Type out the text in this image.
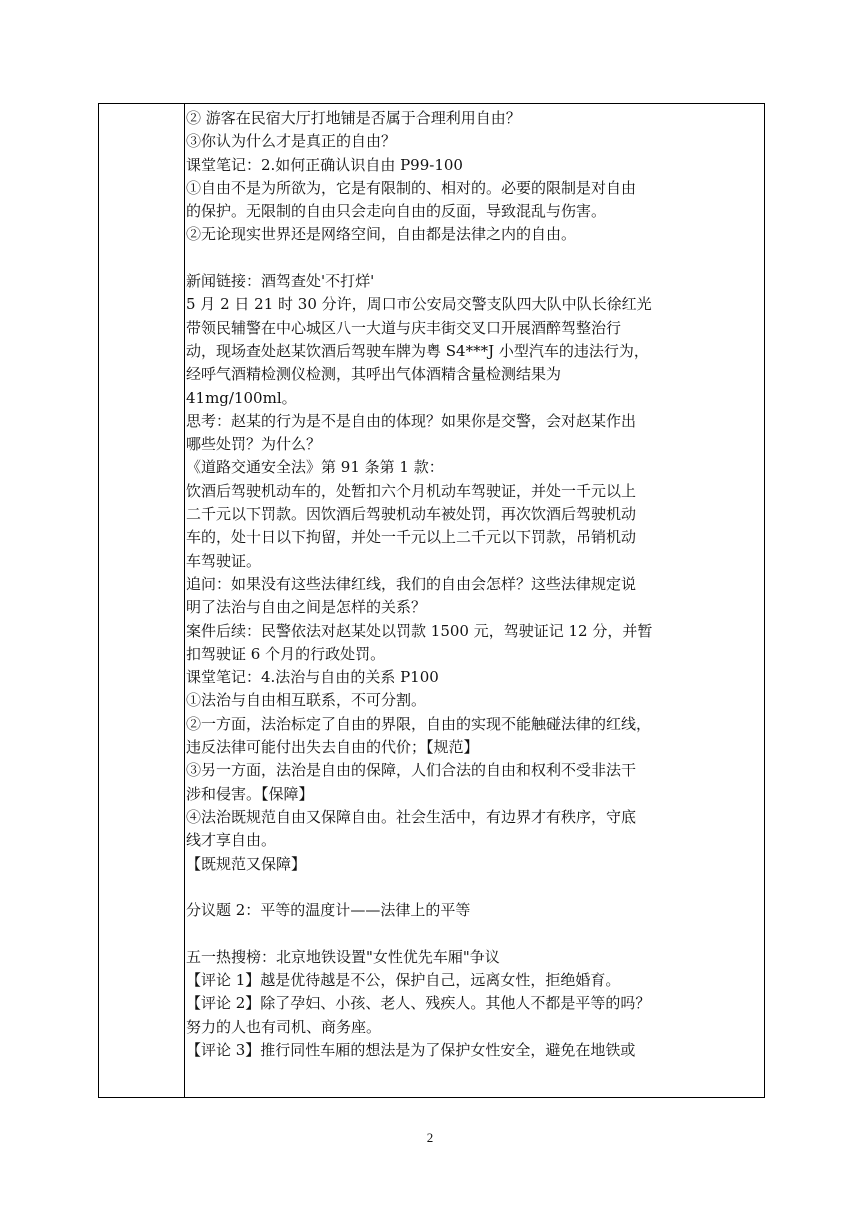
② 游客在民宿大厅打地铺是否属于合理利用自由？
③你认为什么才是真正的自由？
课堂笔记：2.如何正确认识自由 P99-100
①自由不是为所欲为，它是有限制的、相对的。必要的限制是对自由
的保护。无限制的自由只会走向自由的反面，导致混乱与伤害。
②无论现实世界还是网络空间，自由都是法律之内的自由。
新闻链接：酒驾查处'不打烊'
5 月 2 日 21 时 30 分许，周口市公安局交警支队四大队中队长徐红光
带领民辅警在中心城区八一大道与庆丰街交叉口开展酒醉驾整治行
动，现场查处赵某饮酒后驾驶车牌为粤 S4***J 小型汽车的违法行为，
经呼气酒精检测仪检测，其呼出气体酒精含量检测结果为
41mg/100ml。
思考：赵某的行为是不是自由的体现？如果你是交警，会对赵某作出
哪些处罚？为什么？
《道路交通安全法》第 91 条第 1 款：
饮酒后驾驶机动车的，处暂扣六个月机动车驾驶证，并处一千元以上
二千元以下罚款。因饮酒后驾驶机动车被处罚，再次饮酒后驾驶机动
车的，处十日以下拘留，并处一千元以上二千元以下罚款，吊销机动
车驾驶证。
追问：如果没有这些法律红线，我们的自由会怎样？这些法律规定说
明了法治与自由之间是怎样的关系？
案件后续：民警依法对赵某处以罚款 1500 元，驾驶证记 12 分，并暂
扣驾驶证 6 个月的行政处罚。
课堂笔记：4.法治与自由的关系 P100
①法治与自由相互联系，不可分割。
②一方面，法治标定了自由的界限，自由的实现不能触碰法律的红线，
违反法律可能付出失去自由的代价；【规范】
③另一方面，法治是自由的保障，人们合法的自由和权利不受非法干
涉和侵害。【保障】
④法治既规范自由又保障自由。社会生活中，有边界才有秩序，守底
线才享自由。
【既规范又保障】
分议题 2：平等的温度计——法律上的平等
五一热搜榜：北京地铁设置"女性优先车厢"争议
【评论 1】越是优待越是不公，保护自己，远离女性，拒绝婚育。
【评论 2】除了孕妇、小孩、老人、残疾人。其他人不都是平等的吗？
努力的人也有司机、商务座。
【评论 3】推行同性车厢的想法是为了保护女性安全，避免在地铁或
2
